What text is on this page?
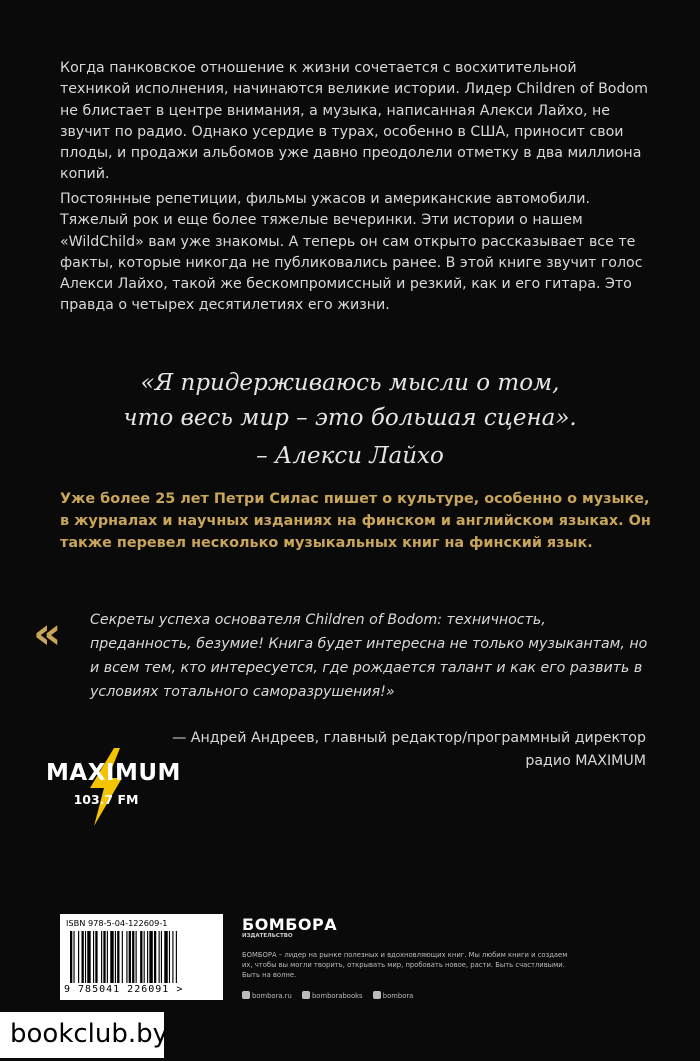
Когда панковское отношение к жизни сочетается с восхитительной техникой исполнения, начинаются великие истории. Лидер Children of Bodom не блистает в центре внимания, а музыка, написанная Алекси Лайхо, не звучит по радио. Однако усердие в турах, особенно в США, приносит свои плоды, и продажи альбомов уже давно преодолели отметку в два миллиона копий.

Постоянные репетиции, фильмы ужасов и американские автомобили. Тяжелый рок и еще более тяжелые вечеринки. Эти истории о нашем «WildChild» вам уже знакомы. А теперь он сам открыто рассказывает все те факты, которые никогда не публиковались ранее. В этой книге звучит голос Алекси Лайхо, такой же бескомпромиссный и резкий, как и его гитара. Это правда о четырех десятилетиях его жизни.

«Я придерживаюсь мысли о том,

что весь мир – это большая сцена».

– Алекси Лайхо

Уже более 25 лет Петри Силас пишет о культуре, особенно о музыке, в журналах и научных изданиях на финском и английском языках. Он также перевел несколько музыкальных книг на финский язык.

« Секреты успеха основателя Children of Bodom: техничность, преданность, безумие! Книга будет интересна не только музыкантам, но и всем тем, кто интересуется, где рождается талант и как его развить в условиях тотального саморазрушения!»

— Андрей Андреев, главный редактор/программный директор радио MAXIMUM

MAXIMUM
103.7 FM
ISBN 978-5-04-122609-1
9 785041 226091 >
БОМБОРА
ИЗДАТЕЛЬСТВО

БОМБОРА – лидер на рынке полезных и вдохновляющих книг. Мы любим книги и создаем их, чтобы вы могли творить, открывать мир, пробовать новое, расти. Быть счастливыми. Быть на волне.

bombora.ru	bomborabooks	bombora
bookclub.by
